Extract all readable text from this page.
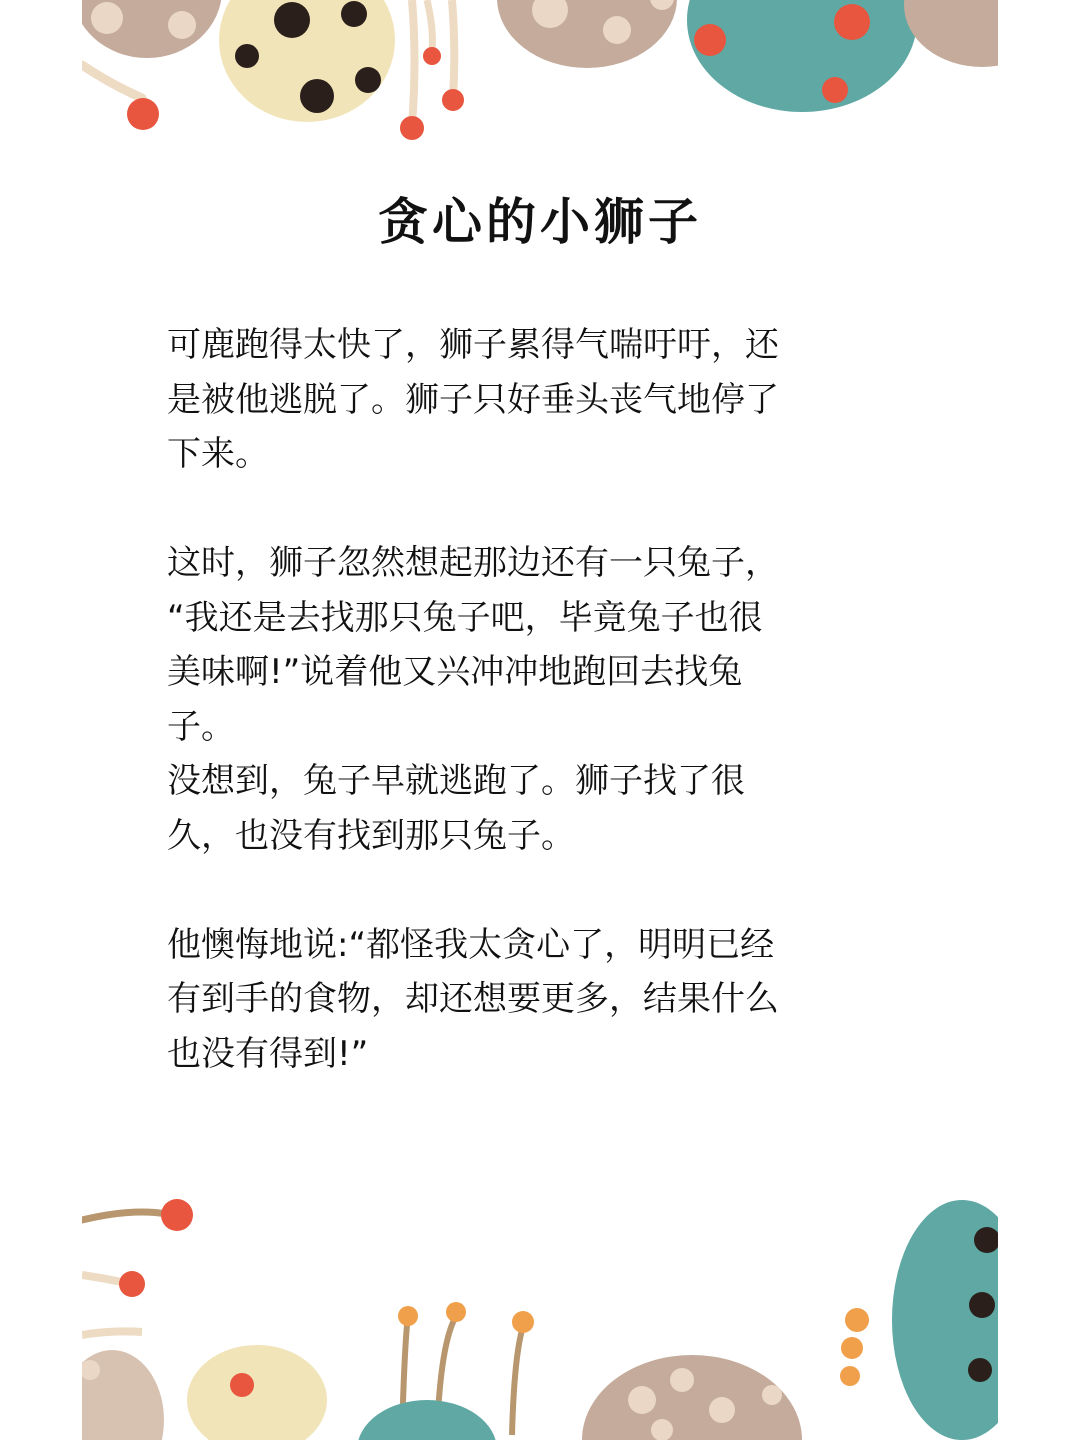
贪心的小狮子

可鹿跑得太快了，狮子累得气喘吁吁，还
是被他逃脱了。狮子只好垂头丧气地停了
下来。

这时，狮子忽然想起那边还有一只兔子，
“我还是去找那只兔子吧，毕竟兔子也很
美味啊!”说着他又兴冲冲地跑回去找兔
子。
没想到，兔子早就逃跑了。狮子找了很
久，也没有找到那只兔子。

他懊悔地说:“都怪我太贪心了，明明已经
有到手的食物，却还想要更多，结果什么
也没有得到!”
